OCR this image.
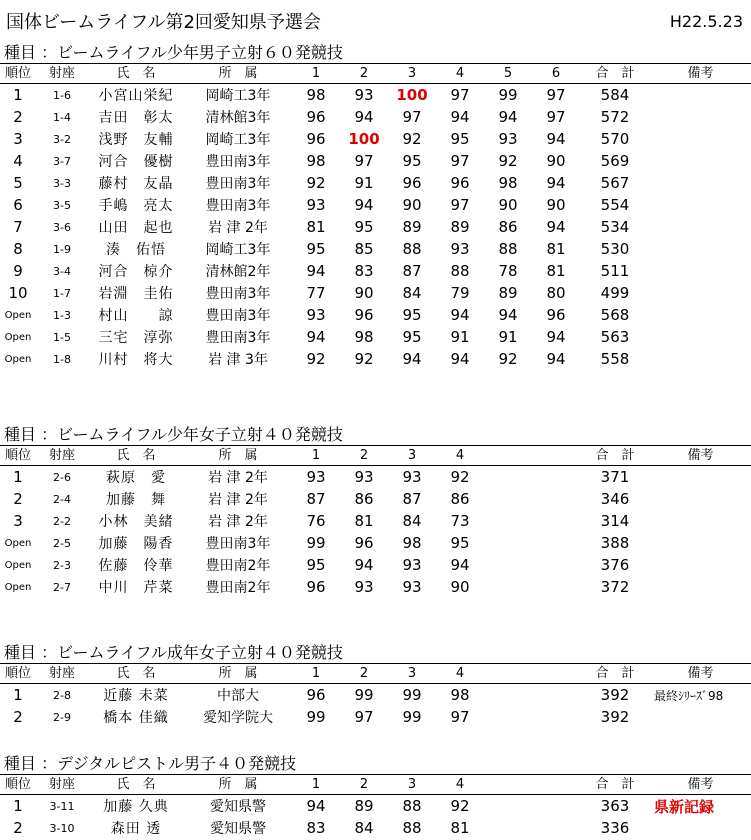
国体ビームライフル第2回愛知県予選会	H22.5.23
種目 ：ビームライフル少年男子立射６０発競技
順位	射座	氏　名	所　属	1	2	3	4	5	6	合　計	備考
1	1-6	小宮山栄紀	岡崎工3年	98	93	100	97	99	97	584	
2	1-4	吉田　彰太	清林館3年	96	94	97	94	94	97	572	
3	3-2	浅野　友輔	岡崎工3年	96	100	92	95	93	94	570	
4	3-7	河合　優樹	豊田南3年	98	97	95	97	92	90	569	
5	3-3	藤村　友晶	豊田南3年	92	91	96	96	98	94	567	
6	3-5	手嶋　亮太	豊田南3年	93	94	90	97	90	90	554	
7	3-6	山田　起也	岩 津 2年	81	95	89	89	86	94	534	
8	1-9	湊　佑悟	岡崎工3年	95	85	88	93	88	81	530	
9	3-4	河合　椋介	清林館2年	94	83	87	88	78	81	511	
10	1-7	岩淵　圭佑	豊田南3年	77	90	84	79	89	80	499	
Open	1-3	村山　　諒	豊田南3年	93	96	95	94	94	96	568	
Open	1-5	三宅　淳弥	豊田南3年	94	98	95	91	91	94	563	
Open	1-8	川村　将大	岩 津 3年	92	92	94	94	92	94	558	
種目 ：ビームライフル少年女子立射４０発競技
順位	射座	氏　名	所　属	1	2	3	4			合　計	備考
1	2-6	萩原　愛	岩 津 2年	93	93	93	92			371	
2	2-4	加藤　舞	岩 津 2年	87	86	87	86			346	
3	2-2	小林　美緒	岩 津 2年	76	81	84	73			314	
Open	2-5	加藤　陽香	豊田南3年	99	96	98	95			388	
Open	2-3	佐藤　伶華	豊田南2年	95	94	93	94			376	
Open	2-7	中川　芹菜	豊田南2年	96	93	93	90			372	
種目 ：ビームライフル成年女子立射４０発競技
順位	射座	氏　名	所　属	1	2	3	4			合　計	備考
1	2-8	近藤 未菜	中部大	96	99	99	98			392	最終ｼﾘｰｽﾞ98
2	2-9	橋本 佳織	愛知学院大	99	97	99	97			392	
種目 ：デジタルピストル男子４０発競技
順位	射座	氏　名	所　属	1	2	3	4			合　計	備考
1	3-11	加藤 久典	愛知県警	94	89	88	92			363	県新記録
2	3-10	森田 透	愛知県警	83	84	88	81			336	
